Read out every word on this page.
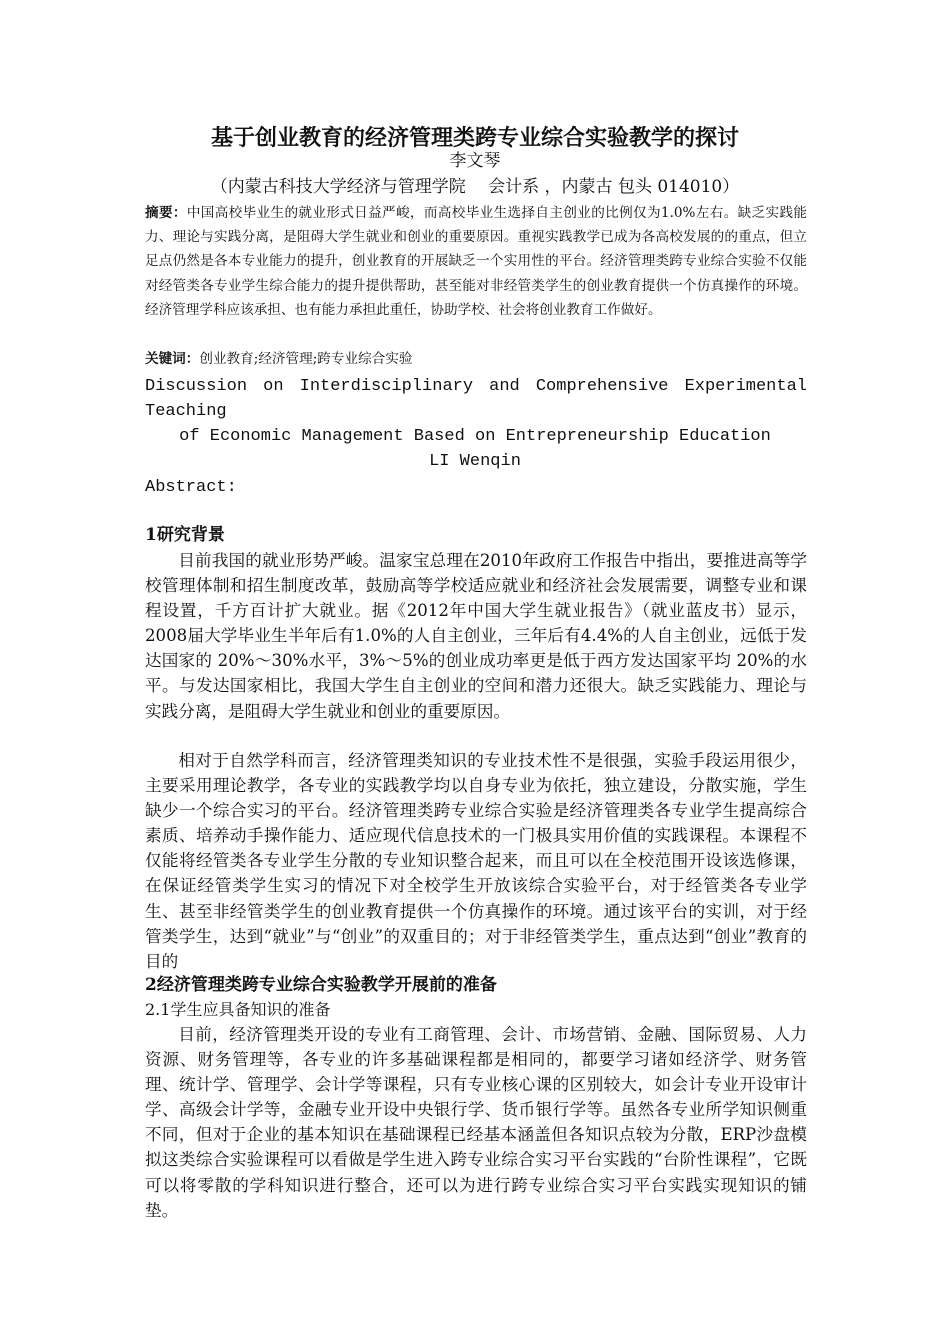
基于创业教育的经济管理类跨专业综合实验教学的探讨
李文琴
（内蒙古科技大学经济与管理学院　 会计系 ，内蒙古 包头 014010）
摘要：中国高校毕业生的就业形式日益严峻，而高校毕业生选择自主创业的比例仅为1.0%左右。缺乏实践能力、理论与实践分离，是阻碍大学生就业和创业的重要原因。重视实践教学已成为各高校发展的的重点，但立足点仍然是各本专业能力的提升，创业教育的开展缺乏一个实用性的平台。经济管理类跨专业综合实验不仅能对经管类各专业学生综合能力的提升提供帮助，甚至能对非经管类学生的创业教育提供一个仿真操作的环境。经济管理学科应该承担、也有能力承担此重任，协助学校、社会将创业教育工作做好。
关键词：创业教育;经济管理;跨专业综合实验
Discussion on Interdisciplinary and Comprehensive Experimental
Teaching
of Economic Management Based on Entrepreneurship Education
LI Wenqin
Abstract:
1研究背景

目前我国的就业形势严峻。温家宝总理在2010年政府工作报告中指出，要推进高等学校管理体制和招生制度改革，鼓励高等学校适应就业和经济社会发展需要，调整专业和课程设置，千方百计扩大就业。据《2012年中国大学生就业报告》（就业蓝皮书）显示，2008届大学毕业生半年后有1.0%的人自主创业，三年后有4.4%的人自主创业，远低于发达国家的 20%～30%水平，3%～5%的创业成功率更是低于西方发达国家平均 20%的水平。与发达国家相比，我国大学生自主创业的空间和潜力还很大。缺乏实践能力、理论与实践分离，是阻碍大学生就业和创业的重要原因。

相对于自然学科而言，经济管理类知识的专业技术性不是很强，实验手段运用很少，主要采用理论教学，各专业的实践教学均以自身专业为依托，独立建设，分散实施，学生缺少一个综合实习的平台。经济管理类跨专业综合实验是经济管理类各专业学生提高综合素质、培养动手操作能力、适应现代信息技术的一门极具实用价值的实践课程。本课程不仅能将经管类各专业学生分散的专业知识整合起来，而且可以在全校范围开设该选修课，在保证经管类学生实习的情况下对全校学生开放该综合实验平台，对于经管类各专业学生、甚至非经管类学生的创业教育提供一个仿真操作的环境。通过该平台的实训，对于经管类学生，达到“就业”与“创业”的双重目的；对于非经管类学生，重点达到“创业”教育的目的

2经济管理类跨专业综合实验教学开展前的准备
2.1学生应具备知识的准备

目前，经济管理类开设的专业有工商管理、会计、市场营销、金融、国际贸易、人力资源、财务管理等，各专业的许多基础课程都是相同的，都要学习诸如经济学、财务管理、统计学、管理学、会计学等课程，只有专业核心课的区别较大，如会计专业开设审计学、高级会计学等，金融专业开设中央银行学、货币银行学等。虽然各专业所学知识侧重不同，但对于企业的基本知识在基础课程已经基本涵盖但各知识点较为分散，ERP沙盘模拟这类综合实验课程可以看做是学生进入跨专业综合实习平台实践的“台阶性课程”，它既可以将零散的学科知识进行整合，还可以为进行跨专业综合实习平台实践实现知识的铺垫。
